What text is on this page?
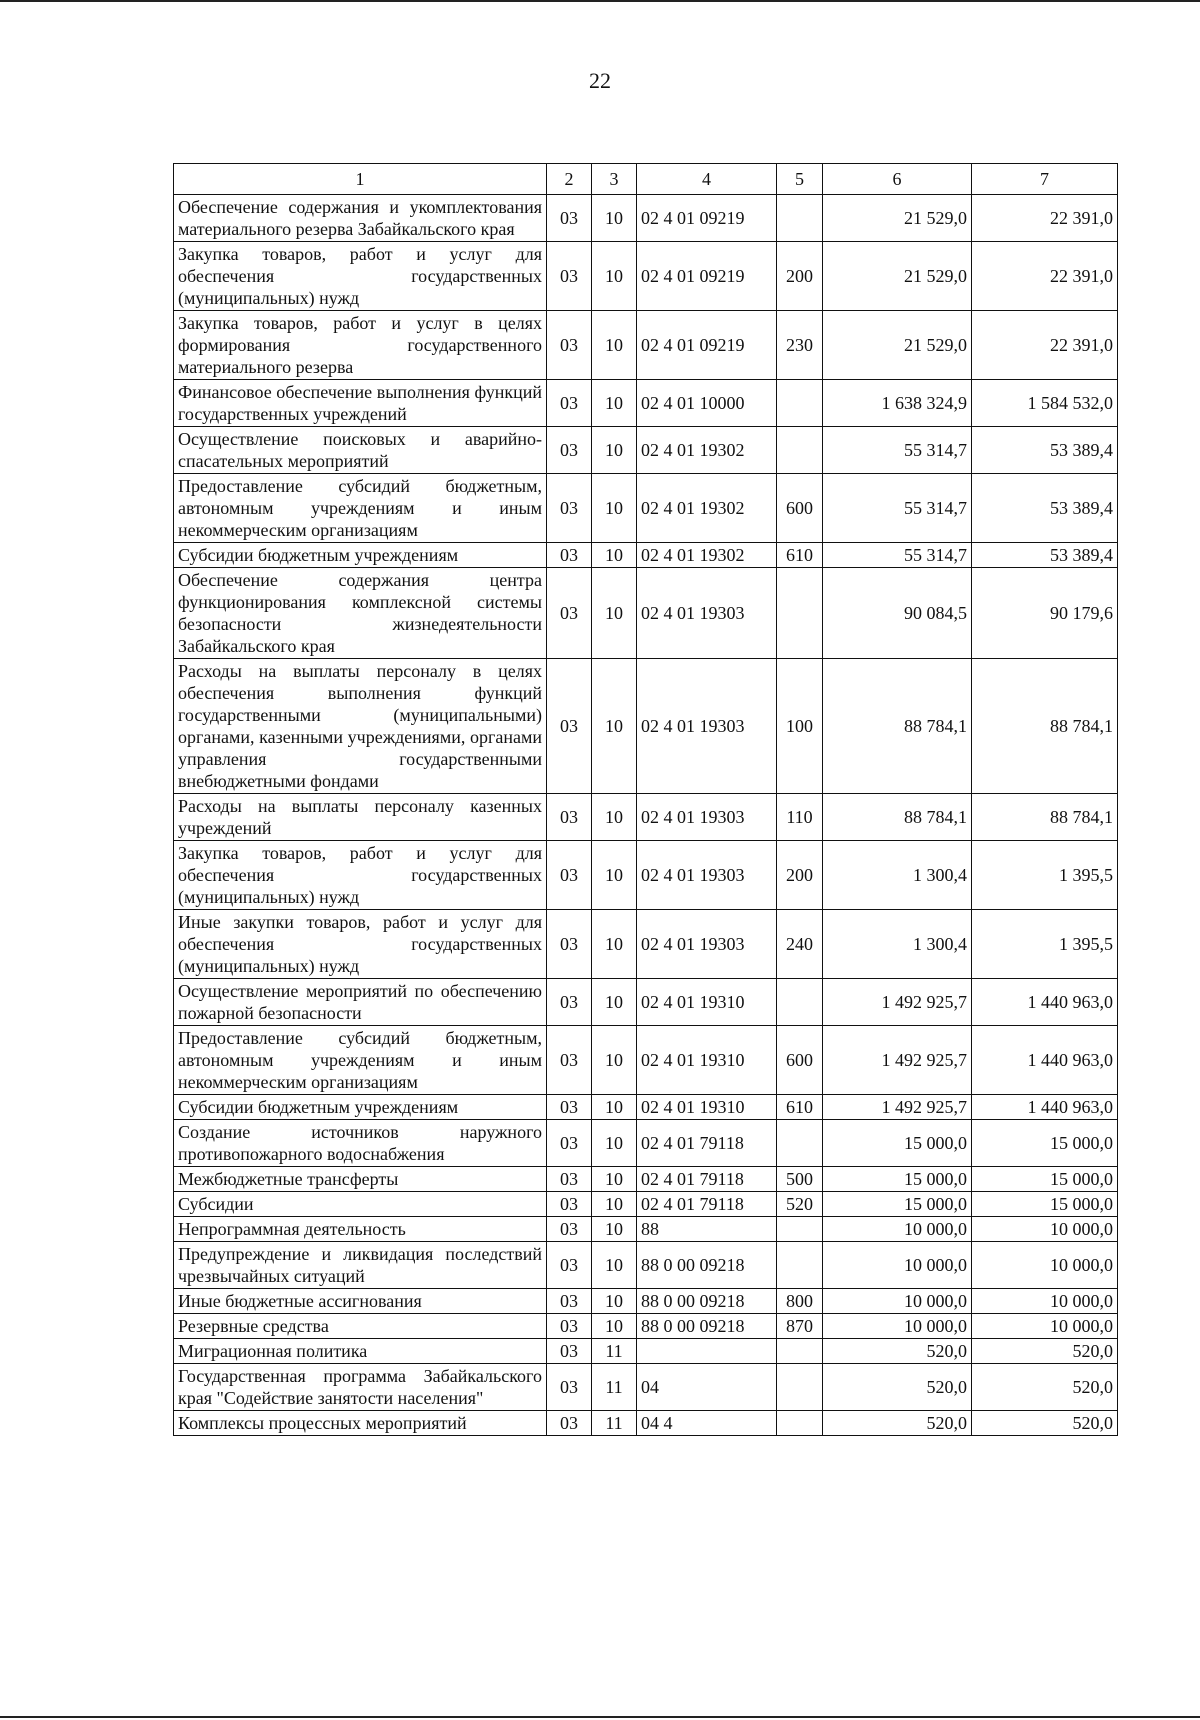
22
1	2	3	4	5	6	7
Обеспечение содержания и укомплектования материального резерва Забайкальского края	03	10	02 4 01 09219		21 529,0	22 391,0
Закупка товаров, работ и услуг для обеспечения государственных (муниципальных) нужд	03	10	02 4 01 09219	200	21 529,0	22 391,0
Закупка товаров, работ и услуг в целях формирования государственного материального резерва	03	10	02 4 01 09219	230	21 529,0	22 391,0
Финансовое обеспечение выполнения функций государственных учреждений	03	10	02 4 01 10000		1 638 324,9	1 584 532,0
Осуществление поисковых и аварийно-спасательных мероприятий	03	10	02 4 01 19302		55 314,7	53 389,4
Предоставление субсидий бюджетным, автономным учреждениям и иным некоммерческим организациям	03	10	02 4 01 19302	600	55 314,7	53 389,4
Субсидии бюджетным учреждениям	03	10	02 4 01 19302	610	55 314,7	53 389,4
Обеспечение содержания центра функционирования комплексной системы безопасности жизнедеятельности Забайкальского края	03	10	02 4 01 19303		90 084,5	90 179,6
Расходы на выплаты персоналу в целях обеспечения выполнения функций государственными (муниципальными) органами, казенными учреждениями, органами управления государственными внебюджетными фондами	03	10	02 4 01 19303	100	88 784,1	88 784,1
Расходы на выплаты персоналу казенных учреждений	03	10	02 4 01 19303	110	88 784,1	88 784,1
Закупка товаров, работ и услуг для обеспечения государственных (муниципальных) нужд	03	10	02 4 01 19303	200	1 300,4	1 395,5
Иные закупки товаров, работ и услуг для обеспечения государственных (муниципальных) нужд	03	10	02 4 01 19303	240	1 300,4	1 395,5
Осуществление мероприятий по обеспечению пожарной безопасности	03	10	02 4 01 19310		1 492 925,7	1 440 963,0
Предоставление субсидий бюджетным, автономным учреждениям и иным некоммерческим организациям	03	10	02 4 01 19310	600	1 492 925,7	1 440 963,0
Субсидии бюджетным учреждениям	03	10	02 4 01 19310	610	1 492 925,7	1 440 963,0
Создание источников наружного противопожарного водоснабжения	03	10	02 4 01 79118		15 000,0	15 000,0
Межбюджетные трансферты	03	10	02 4 01 79118	500	15 000,0	15 000,0
Субсидии	03	10	02 4 01 79118	520	15 000,0	15 000,0
Непрограммная деятельность	03	10	88		10 000,0	10 000,0
Предупреждение и ликвидация последствий чрезвычайных ситуаций	03	10	88 0 00 09218		10 000,0	10 000,0
Иные бюджетные ассигнования	03	10	88 0 00 09218	800	10 000,0	10 000,0
Резервные средства	03	10	88 0 00 09218	870	10 000,0	10 000,0
Миграционная политика	03	11			520,0	520,0
Государственная программа Забайкальского края "Содействие занятости населения"	03	11	04		520,0	520,0
Комплексы процессных мероприятий	03	11	04 4		520,0	520,0
